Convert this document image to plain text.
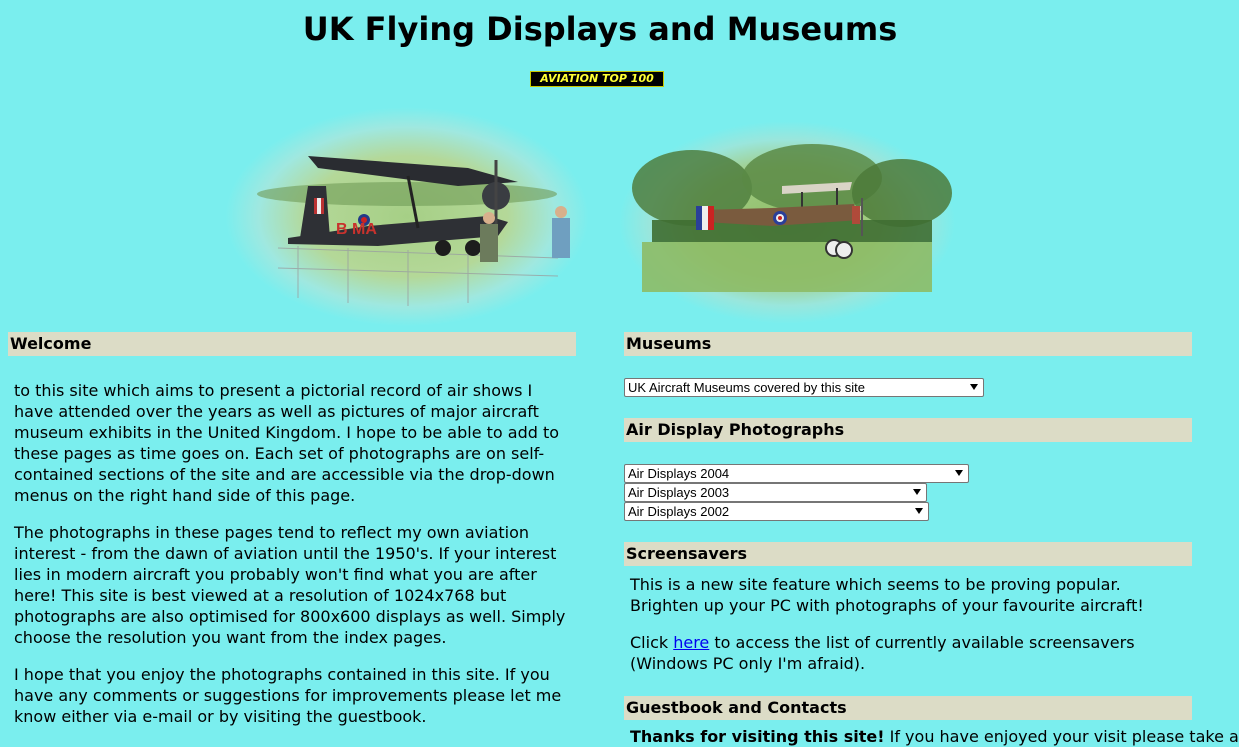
UK Flying Displays and Museums
AVIATION TOP 100
B MA
Welcome

to this site which aims to present a pictorial record of air shows I have attended over the years as well as pictures of major aircraft museum exhibits in the United Kingdom. I hope to be able to add to these pages as time goes on. Each set of photographs are on self-contained sections of the site and are accessible via the drop-down menus on the right hand side of this page.

The photographs in these pages tend to reflect my own aviation interest - from the dawn of aviation until the 1950's. If your interest lies in modern aircraft you probably won't find what you are after here! This site is best viewed at a resolution of 1024x768 but photographs are also optimised for 800x600 displays as well. Simply choose the resolution you want from the index pages.

I hope that you enjoy the photographs contained in this site. If you have any comments or suggestions for improvements please let me know either via e-mail or by visiting the guestbook.

Museums
UK Aircraft Museums covered by this site
Air Display Photographs
Air Displays 2004
Air Displays 2003
Air Displays 2002
Screensavers

This is a new site feature which seems to be proving popular. Brighten up your PC with photographs of your favourite aircraft!

Click here to access the list of currently available screensavers (Windows PC only I'm afraid).

Guestbook and Contacts

Thanks for visiting this site! If you have enjoyed your visit please take a
